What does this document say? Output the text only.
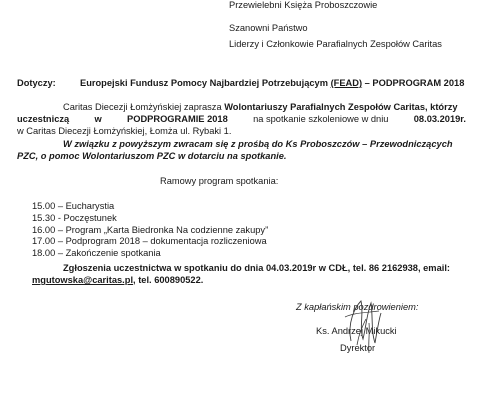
Przewielebni Księża Proboszczowie
Szanowni Państwo
Liderzy i Członkowie Parafialnych Zespołów Caritas
Dotyczy:	Europejski Fundusz Pomocy Najbardziej Potrzebującym (FEAD) – PODPROGRAM 2018
Caritas Diecezji Łomżyńskiej zaprasza Wolontariuszy Parafialnych Zespołów Caritas, którzy
uczestniczą	w	PODPROGRAMIE 2018	na spotkanie szkoleniowe w dniu	08.03.2019r.
w Caritas Diecezji Łomżyńskiej, Łomża ul. Rybaki 1.
W związku z powyższym zwracam się z prośbą do Ks Proboszczów – Przewodniczących
PZC, o pomoc Wolontariuszom PZC w dotarciu na spotkanie.
Ramowy program spotkania:
15.00 – Eucharystia
15.30 - Poczęstunek
16.00 – Program „Karta Biedronka Na codzienne zakupy”
17.00 – Podprogram 2018 – dokumentacja rozliczeniowa
18.00 – Zakończenie spotkania
Zgłoszenia uczestnictwa w spotkaniu do dnia 04.03.2019r w CDŁ, tel. 86 2162938, email:
mgutowska@caritas.pl, tel. 600890522.
Z kapłańskim pozdrowieniem:
Ks. Andrzej Mikucki
Dyrektor
